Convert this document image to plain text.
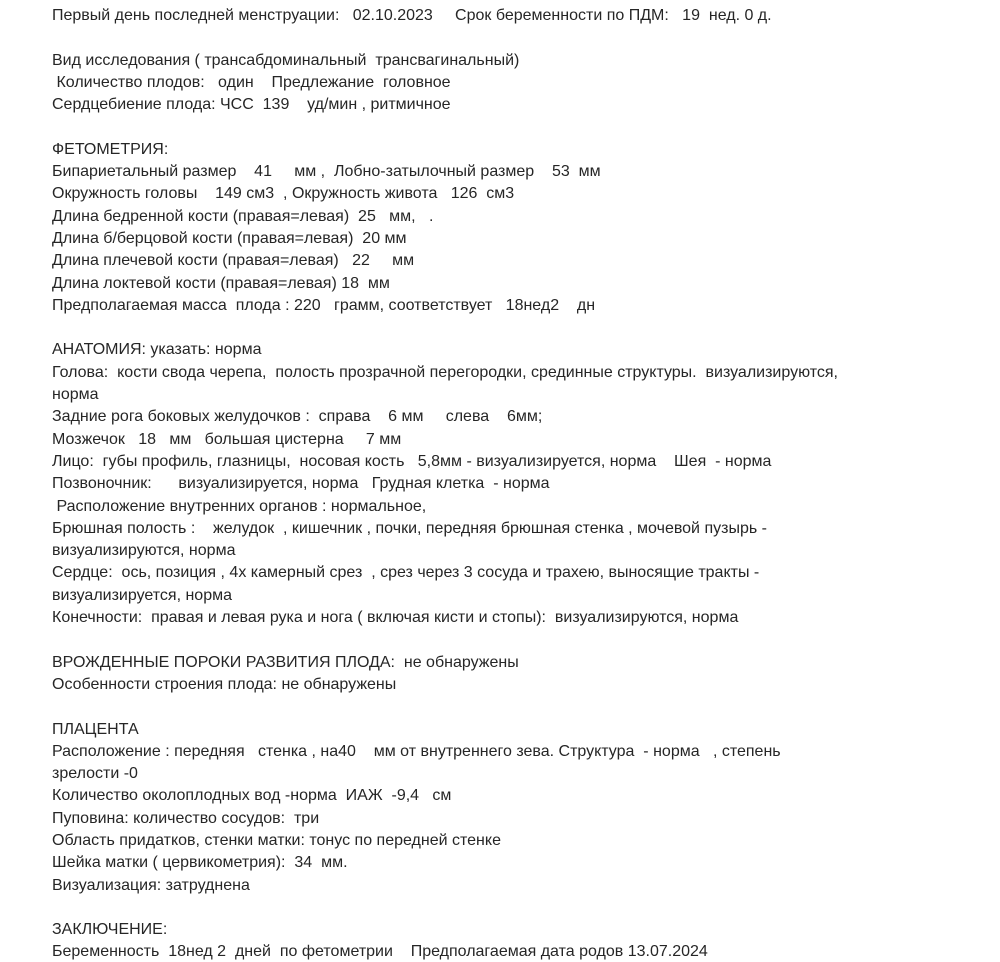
Первый день последней менструации:   02.10.2023     Срок беременности по ПДМ:   19  нед. 0 д.
Вид исследования ( трансабдоминальный  трансвагинальный)
Количество плодов:   один    Предлежание  головное
Сердцебиение плода: ЧСС  139    уд/мин , ритмичное
ФЕТОМЕТРИЯ:
Бипариетальный размер    41     мм ,  Лобно-затылочный размер    53  мм
Окружность головы    149 см3  , Окружность живота   126  см3
Длина бедренной кости (правая=левая)  25   мм,   .
Длина б/берцовой кости (правая=левая)  20 мм
Длина плечевой кости (правая=левая)   22     мм
Длина локтевой кости (правая=левая) 18  мм
Предполагаемая масса  плода : 220   грамм, соответствует   18нед2    дн
АНАТОМИЯ: указать: норма
Голова:  кости свода черепа,  полость прозрачной перегородки, срединные структуры.  визуализируются,
норма
Задние рога боковых желудочков :  справа    6 мм     слева    6мм;
Мозжечок   18   мм   большая цистерна     7 мм
Лицо:  губы профиль, глазницы,  носовая кость   5,8мм - визуализируется, норма    Шея  - норма
Позвоночник:      визуализируется, норма   Грудная клетка  - норма
Расположение внутренних органов : нормальное,
Брюшная полость :    желудок  , кишечник , почки, передняя брюшная стенка , мочевой пузырь -
визуализируются, норма
Сердце:  ось, позиция , 4х камерный срез  , срез через 3 сосуда и трахею, выносящие тракты -
визуализируется, норма
Конечности:  правая и левая рука и нога ( включая кисти и стопы):  визуализируются, норма
ВРОЖДЕННЫЕ ПОРОКИ РАЗВИТИЯ ПЛОДА:  не обнаружены
Особенности строения плода: не обнаружены
ПЛАЦЕНТА
Расположение : передняя   стенка , на40    мм от внутреннего зева. Структура  - норма   , степень
зрелости -0
Количество околоплодных вод -норма  ИАЖ  -9,4   см
Пуповина: количество сосудов:  три
Область придатков, стенки матки: тонус по передней стенке
Шейка матки ( цервикометрия):  34  мм.
Визуализация: затруднена
ЗАКЛЮЧЕНИЕ:
Беременность  18нед 2  дней  по фетометрии    Предполагаемая дата родов 13.07.2024
